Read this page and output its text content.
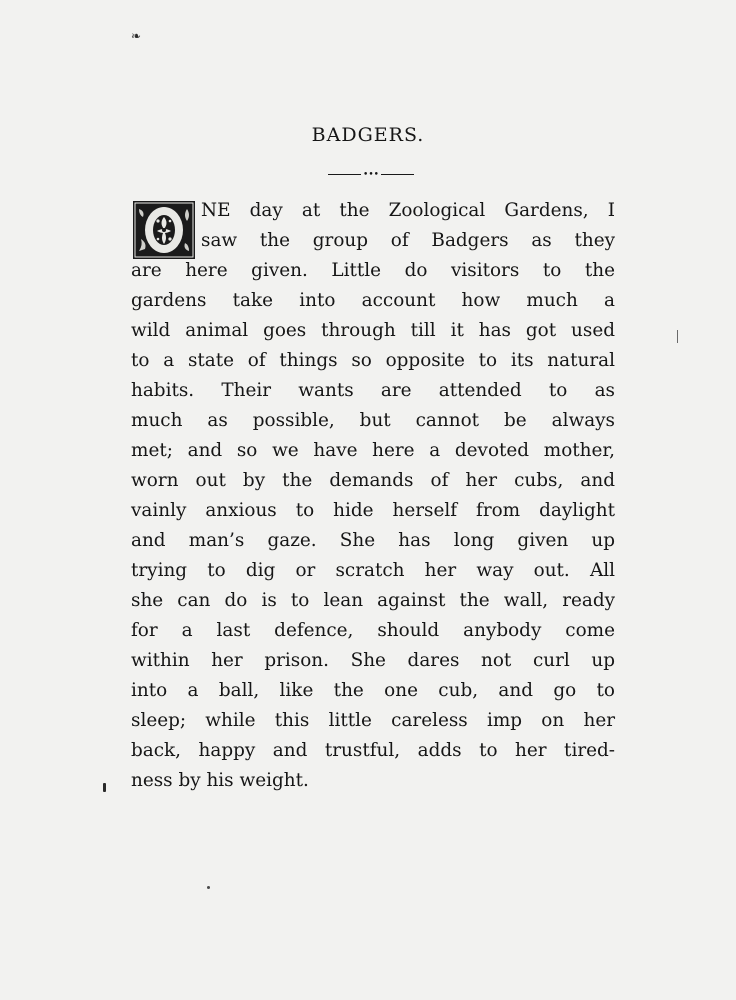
❧
BADGERS.
•••
NE day at the Zoological Gardens, I
saw the group of Badgers as they
are here given. Little do visitors to the
gardens take into account how much a
wild animal goes through till it has got used
to a state of things so opposite to its natural
habits. Their wants are attended to as
much as possible, but cannot be always
met; and so we have here a devoted mother,
worn out by the demands of her cubs, and
vainly anxious to hide herself from daylight
and man’s gaze. She has long given up
trying to dig or scratch her way out. All
she can do is to lean against the wall, ready
for a last defence, should anybody come
within her prison. She dares not curl up
into a ball, like the one cub, and go to
sleep; while this little careless imp on her
back, happy and trustful, adds to her tired-
ness by his weight.
